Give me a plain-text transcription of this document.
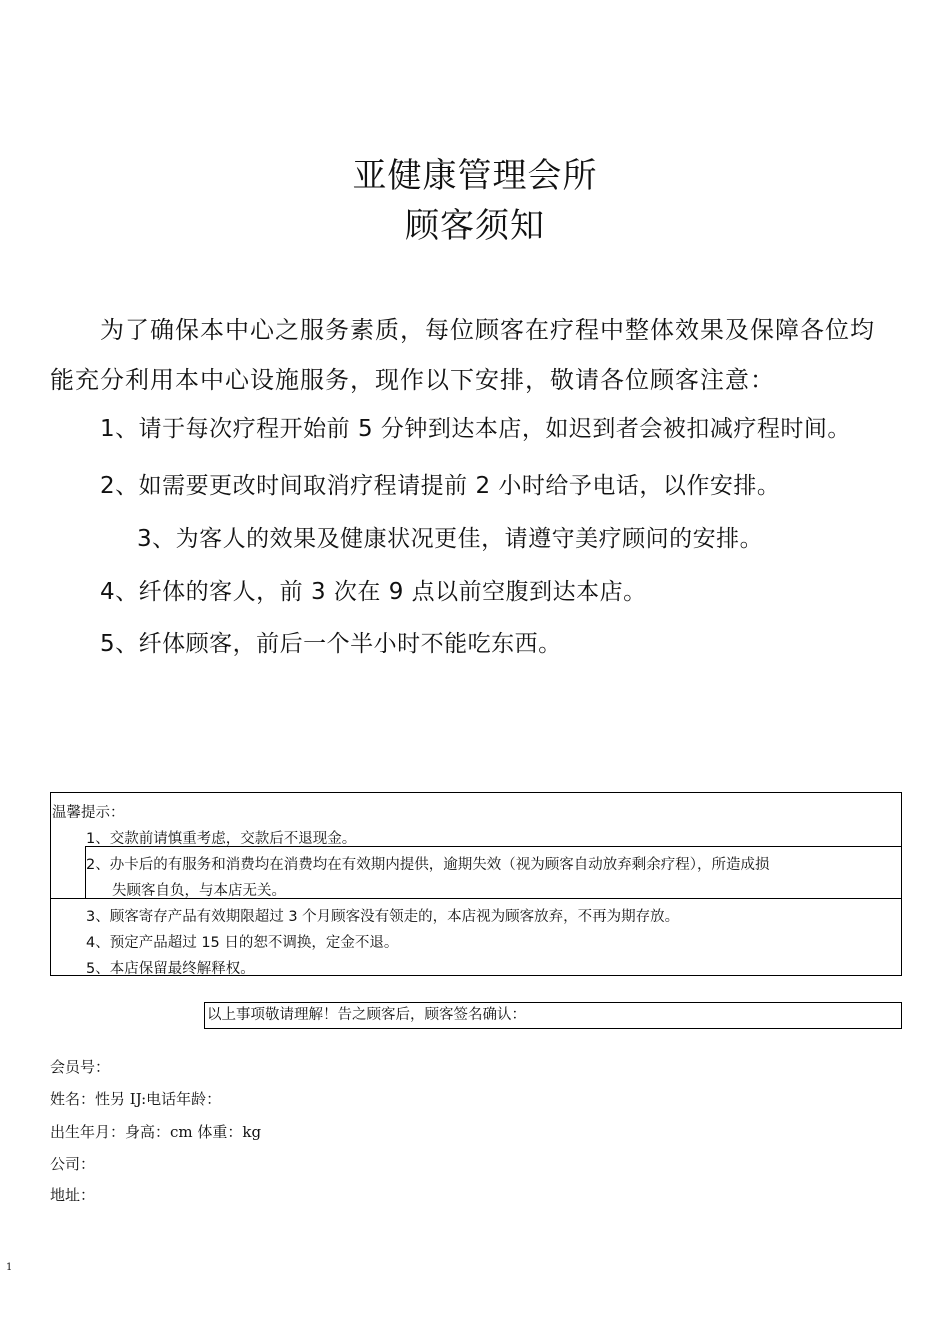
亚健康管理会所
顾客须知
为了确保本中心之服务素质，每位顾客在疗程中整体效果及保障各位均
能充分利用本中心设施服务，现作以下安排，敬请各位顾客注意：
1、请于每次疗程开始前 5 分钟到达本店，如迟到者会被扣减疗程时间。
2、如需要更改时间取消疗程请提前 2 小时给予电话，以作安排。
3、为客人的效果及健康状况更佳，请遵守美疗顾问的安排。
4、纤体的客人，前 3 次在 9 点以前空腹到达本店。
5、纤体顾客，前后一个半小时不能吃东西。
温馨提示：
1、交款前请慎重考虑，交款后不退现金。
2、办卡后的有服务和消费均在消费均在有效期内提供，逾期失效（视为顾客自动放弃剩余疗程），所造成损
失顾客自负，与本店无关。
3、顾客寄存产品有效期限超过 3 个月顾客没有领走的，本店视为顾客放弃，不再为期存放。
4、预定产品超过 15 日的恕不调换，定金不退。
5、本店保留最终解释权。
以上事项敬请理解！告之顾客后，顾客签名确认：
会员号：
姓名：性另 IJ:电话年龄：
出生年月：身高：cm 体重：kg
公司：
地址：
1
